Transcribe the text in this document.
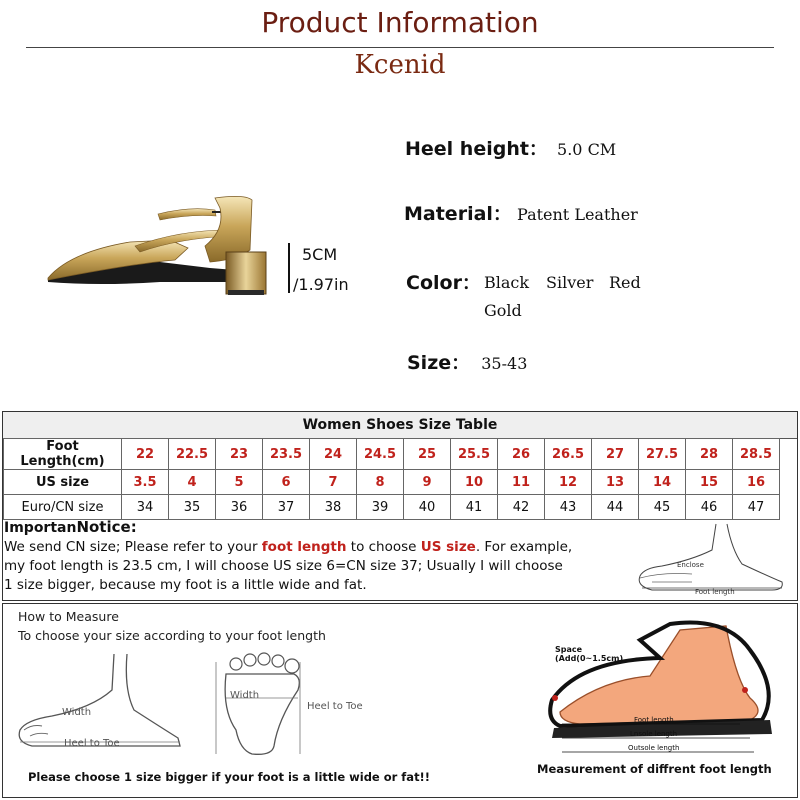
Product Information
Kcenid
5CM
/1.97in
Heel height： 5.0 CM
Material： Patent Leather
Color： Black Silver Red
Gold
Size： 35-43
Women Shoes Size Table
Foot Length(cm)	22	22.5	23	23.5	24	24.5	25	25.5	26	26.5	27	27.5	28	28.5
US size	3.5	4	5	6	7	8	9	10	11	12	13	14	15	16
Euro/CN size	34	35	36	37	38	39	40	41	42	43	44	45	46	47
ImportanNotice:
We send CN size; Please refer to your foot length to choose US size. For example,
my foot length is 23.5 cm, I will choose US size 6=CN size 37; Usually I will choose
1 size bigger, because my foot is a little wide and fat.
Enclose
Foot length
How to Measure
To choose your size according to your foot length
Width
Heel to Toe
Width
Heel to Toe
Please choose 1 size bigger if your foot is a little wide or fat!!
Space
(Add(0~1.5cm)
Foot length
Lnsole length
Outsole length
Measurement of diffrent foot length
